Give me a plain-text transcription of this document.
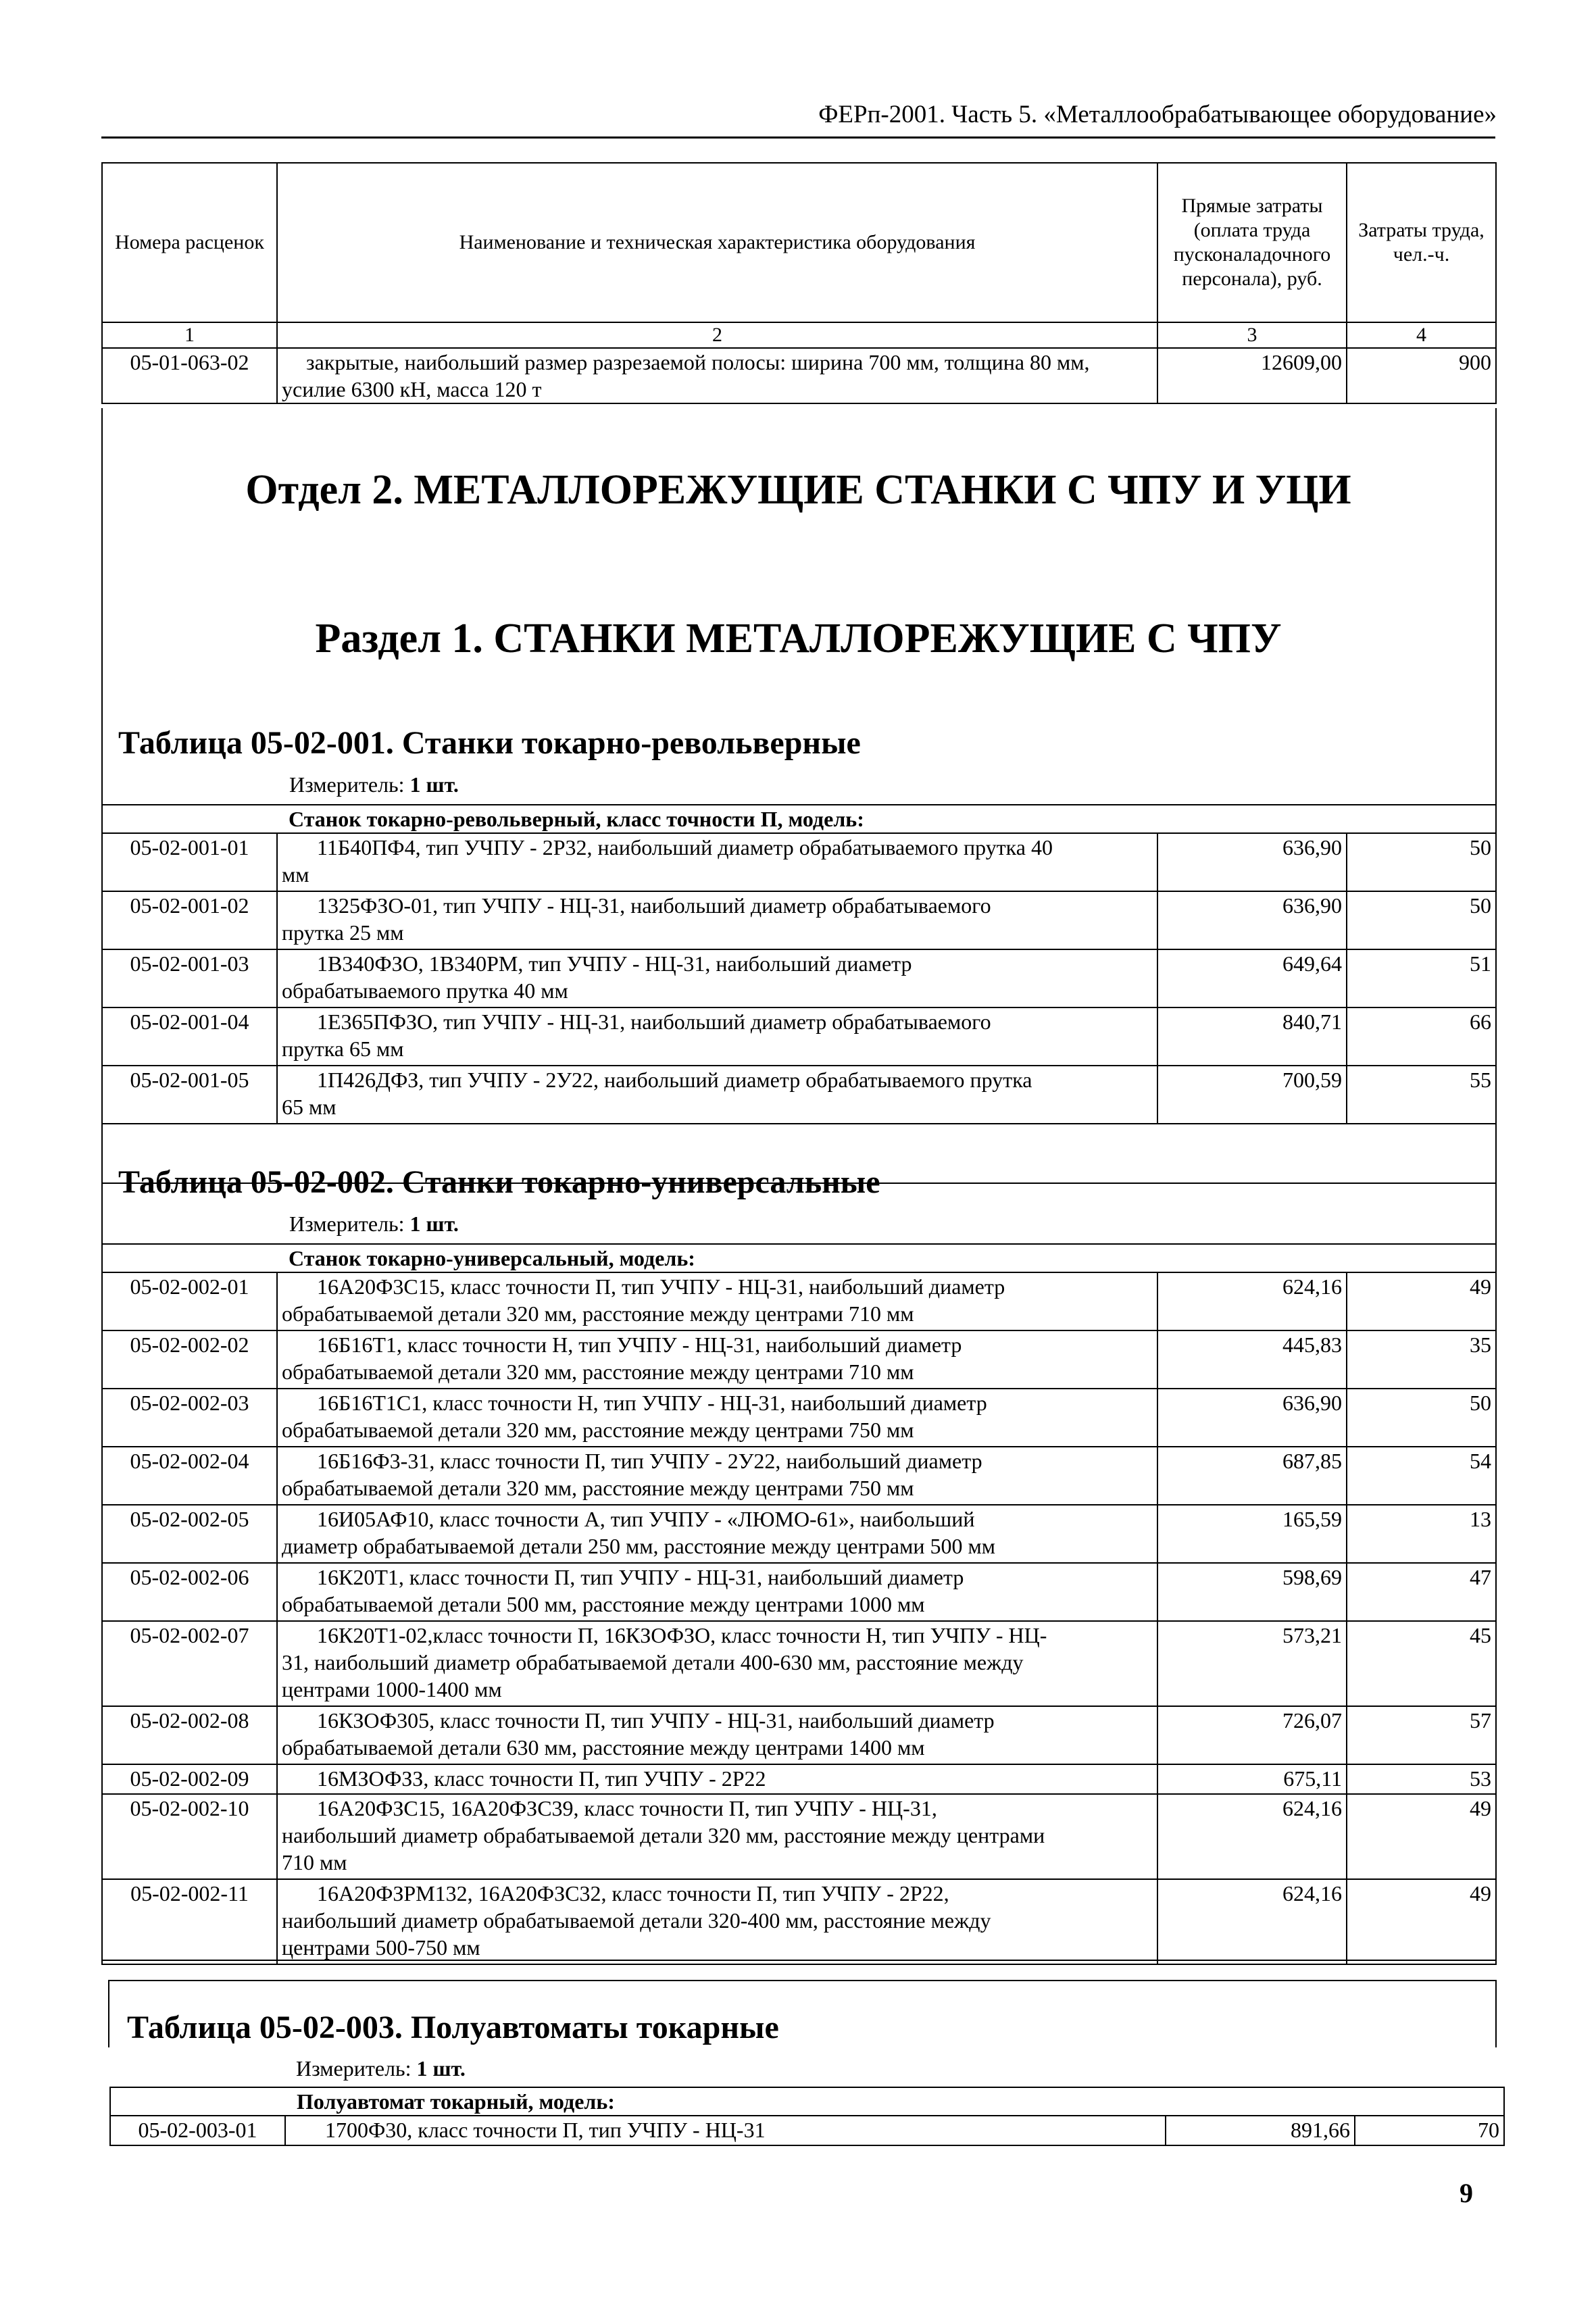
ФЕРп-2001. Часть 5. «Металлообрабатывающее оборудование»
Номера расценок	Наименование и техническая характеристика оборудования	Прямые затраты (оплата труда пусконаладочного персонала), руб.	Затраты труда, чел.-ч.
1	2	3	4
05-01-063-02	закрытые, наибольший размер разрезаемой полосы: ширина 700 мм, толщина 80 мм, усилие 6300 кН, масса 120 т	12609,00	900
Отдел 2. МЕТАЛЛОРЕЖУЩИЕ СТАНКИ С ЧПУ И УЦИ
Раздел 1. СТАНКИ МЕТАЛЛОРЕЖУЩИЕ С ЧПУ
Таблица 05-02-001. Станки токарно-револьверные
Измеритель: 1 шт.
Станок токарно-револьверный, класс точности П, модель:			
05-02-001-01	11Б40ПФ4, тип УЧПУ - 2Р32, наибольший диаметр обрабатываемого прутка 40
мм	636,90	50
05-02-001-02	1325ФЗО-01, тип УЧПУ - НЦ-31, наибольший диаметр обрабатываемого
прутка 25 мм	636,90	50
05-02-001-03	1В340ФЗО, 1В340РМ, тип УЧПУ - НЦ-31, наибольший диаметр
обрабатываемого прутка 40 мм	649,64	51
05-02-001-04	1Е365ПФЗО, тип УЧПУ - НЦ-31, наибольший диаметр обрабатываемого
прутка 65 мм	840,71	66
05-02-001-05	1П426ДФЗ, тип УЧПУ - 2У22, наибольший диаметр обрабатываемого прутка
65 мм	700,59	55
Таблица 05-02-002. Станки токарно-универсальные
Измеритель: 1 шт.
Станок токарно-универсальный, модель:			
05-02-002-01	16А20Ф3С15, класс точности П, тип УЧПУ - НЦ-31, наибольший диаметр
обрабатываемой детали 320 мм, расстояние между центрами 710 мм	624,16	49
05-02-002-02	16Б16Т1, класс точности Н, тип УЧПУ - НЦ-31, наибольший диаметр
обрабатываемой детали 320 мм, расстояние между центрами 710 мм	445,83	35
05-02-002-03	16Б16Т1С1, класс точности Н, тип УЧПУ - НЦ-31, наибольший диаметр
обрабатываемой детали 320 мм, расстояние между центрами 750 мм	636,90	50
05-02-002-04	16Б16Ф3-31, класс точности П, тип УЧПУ - 2У22, наибольший диаметр
обрабатываемой детали 320 мм, расстояние между центрами 750 мм	687,85	54
05-02-002-05	16И05АФ10, класс точности А, тип УЧПУ - «ЛЮМО-61», наибольший
диаметр обрабатываемой детали 250 мм, расстояние между центрами 500 мм	165,59	13
05-02-002-06	16К20Т1, класс точности П, тип УЧПУ - НЦ-31, наибольший диаметр
обрабатываемой детали 500 мм, расстояние между центрами 1000 мм	598,69	47
05-02-002-07	16К20Т1-02,класс точности П, 16КЗОФЗО, класс точности Н, тип УЧПУ - НЦ-
31, наибольший диаметр обрабатываемой детали 400-630 мм, расстояние между
центрами 1000-1400 мм	573,21	45
05-02-002-08	16КЗОФ305, класс точности П, тип УЧПУ - НЦ-31, наибольший диаметр
обрабатываемой детали 630 мм, расстояние между центрами 1400 мм	726,07	57
05-02-002-09	16МЗОФЗЗ, класс точности П, тип УЧПУ - 2Р22	675,11	53
05-02-002-10	16А20ФЗС15, 16А20ФЗС39, класс точности П, тип УЧПУ - НЦ-31,
наибольший диаметр обрабатываемой детали 320 мм, расстояние между центрами
710 мм	624,16	49
05-02-002-11	16А20ФЗРМ132, 16А20ФЗС32, класс точности П, тип УЧПУ - 2Р22,
наибольший диаметр обрабатываемой детали 320-400 мм, расстояние между
центрами 500-750 мм	624,16	49
Таблица 05-02-003. Полуавтоматы токарные
Измеритель: 1 шт.
Полуавтомат токарный, модель:
05-02-003-01	1700Ф30, класс точности П, тип УЧПУ - НЦ-31	891,66	70
9
